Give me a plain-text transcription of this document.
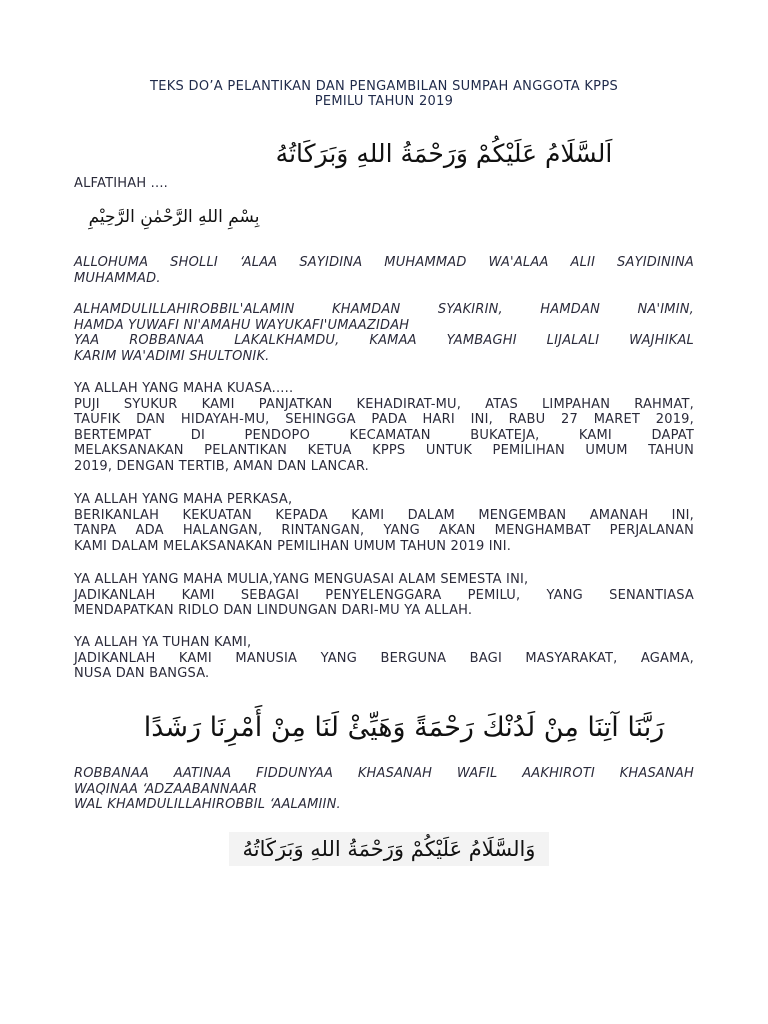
TEKS DO’A PELANTIKAN DAN PENGAMBILAN SUMPAH ANGGOTA KPPS
PEMILU TAHUN 2019
اَلسَّلَامُ عَلَيْكُمْ وَرَحْمَةُ اللهِ وَبَرَكَاتُهُ

ALFATIHAH ....

بِسْمِ اللهِ الرَّحْمٰنِ الرَّحِيْمِ

ALLOHUMA SHOLLI ‘ALAA SAYIDINA MUHAMMAD WA'ALAA ALII SAYIDININA
MUHAMMAD.

ALHAMDULILLAHIROBBIL'ALAMIN KHAMDAN SYAKIRIN, HAMDAN NA'IMIN,
HAMDA YUWAFI NI'AMAHU WAYUKAFI'UMAAZIDAH
YAA ROBBANAA LAKALKHAMDU, KAMAA YAMBAGHI LIJALALI WAJHIKAL
KARIM WA'ADIMI SHULTONIK.

YA ALLAH YANG MAHA KUASA.....
PUJI SYUKUR KAMI PANJATKAN KEHADIRAT-MU, ATAS LIMPAHAN RAHMAT,
TAUFIK DAN HIDAYAH-MU, SEHINGGA PADA HARI INI, RABU 27 MARET 2019,
BERTEMPAT DI PENDOPO KECAMATAN BUKATEJA, KAMI DAPAT
MELAKSANAKAN PELANTIKAN KETUA KPPS UNTUK PEMILIHAN UMUM TAHUN
2019, DENGAN TERTIB, AMAN DAN LANCAR.

YA ALLAH YANG MAHA PERKASA,
BERIKANLAH KEKUATAN KEPADA KAMI DALAM MENGEMBAN AMANAH INI,
TANPA ADA HALANGAN, RINTANGAN, YANG AKAN MENGHAMBAT PERJALANAN
KAMI DALAM MELAKSANAKAN PEMILIHAN UMUM TAHUN 2019 INI.

YA ALLAH YANG MAHA MULIA,YANG MENGUASAI ALAM SEMESTA INI,
JADIKANLAH KAMI SEBAGAI PENYELENGGARA PEMILU, YANG SENANTIASA
MENDAPATKAN RIDLO DAN LINDUNGAN DARI-MU YA ALLAH.

YA ALLAH YA TUHAN KAMI,
JADIKANLAH KAMI MANUSIA YANG BERGUNA BAGI MASYARAKAT, AGAMA,
NUSA DAN BANGSA.

رَبَّنَا آتِنَا مِنْ لَدُنْكَ رَحْمَةً وَهَيِّئْ لَنَا مِنْ أَمْرِنَا رَشَدًا

ROBBANAA AATINAA FIDDUNYAA KHASANAH WAFIL AAKHIROTI KHASANAH
WAQINAA ‘ADZAABANNAAR
WAL KHAMDULILLAHIROBBIL ‘AALAMIIN.

وَالسَّلَامُ عَلَيْكُمْ وَرَحْمَةُ اللهِ وَبَرَكَاتُهُ
